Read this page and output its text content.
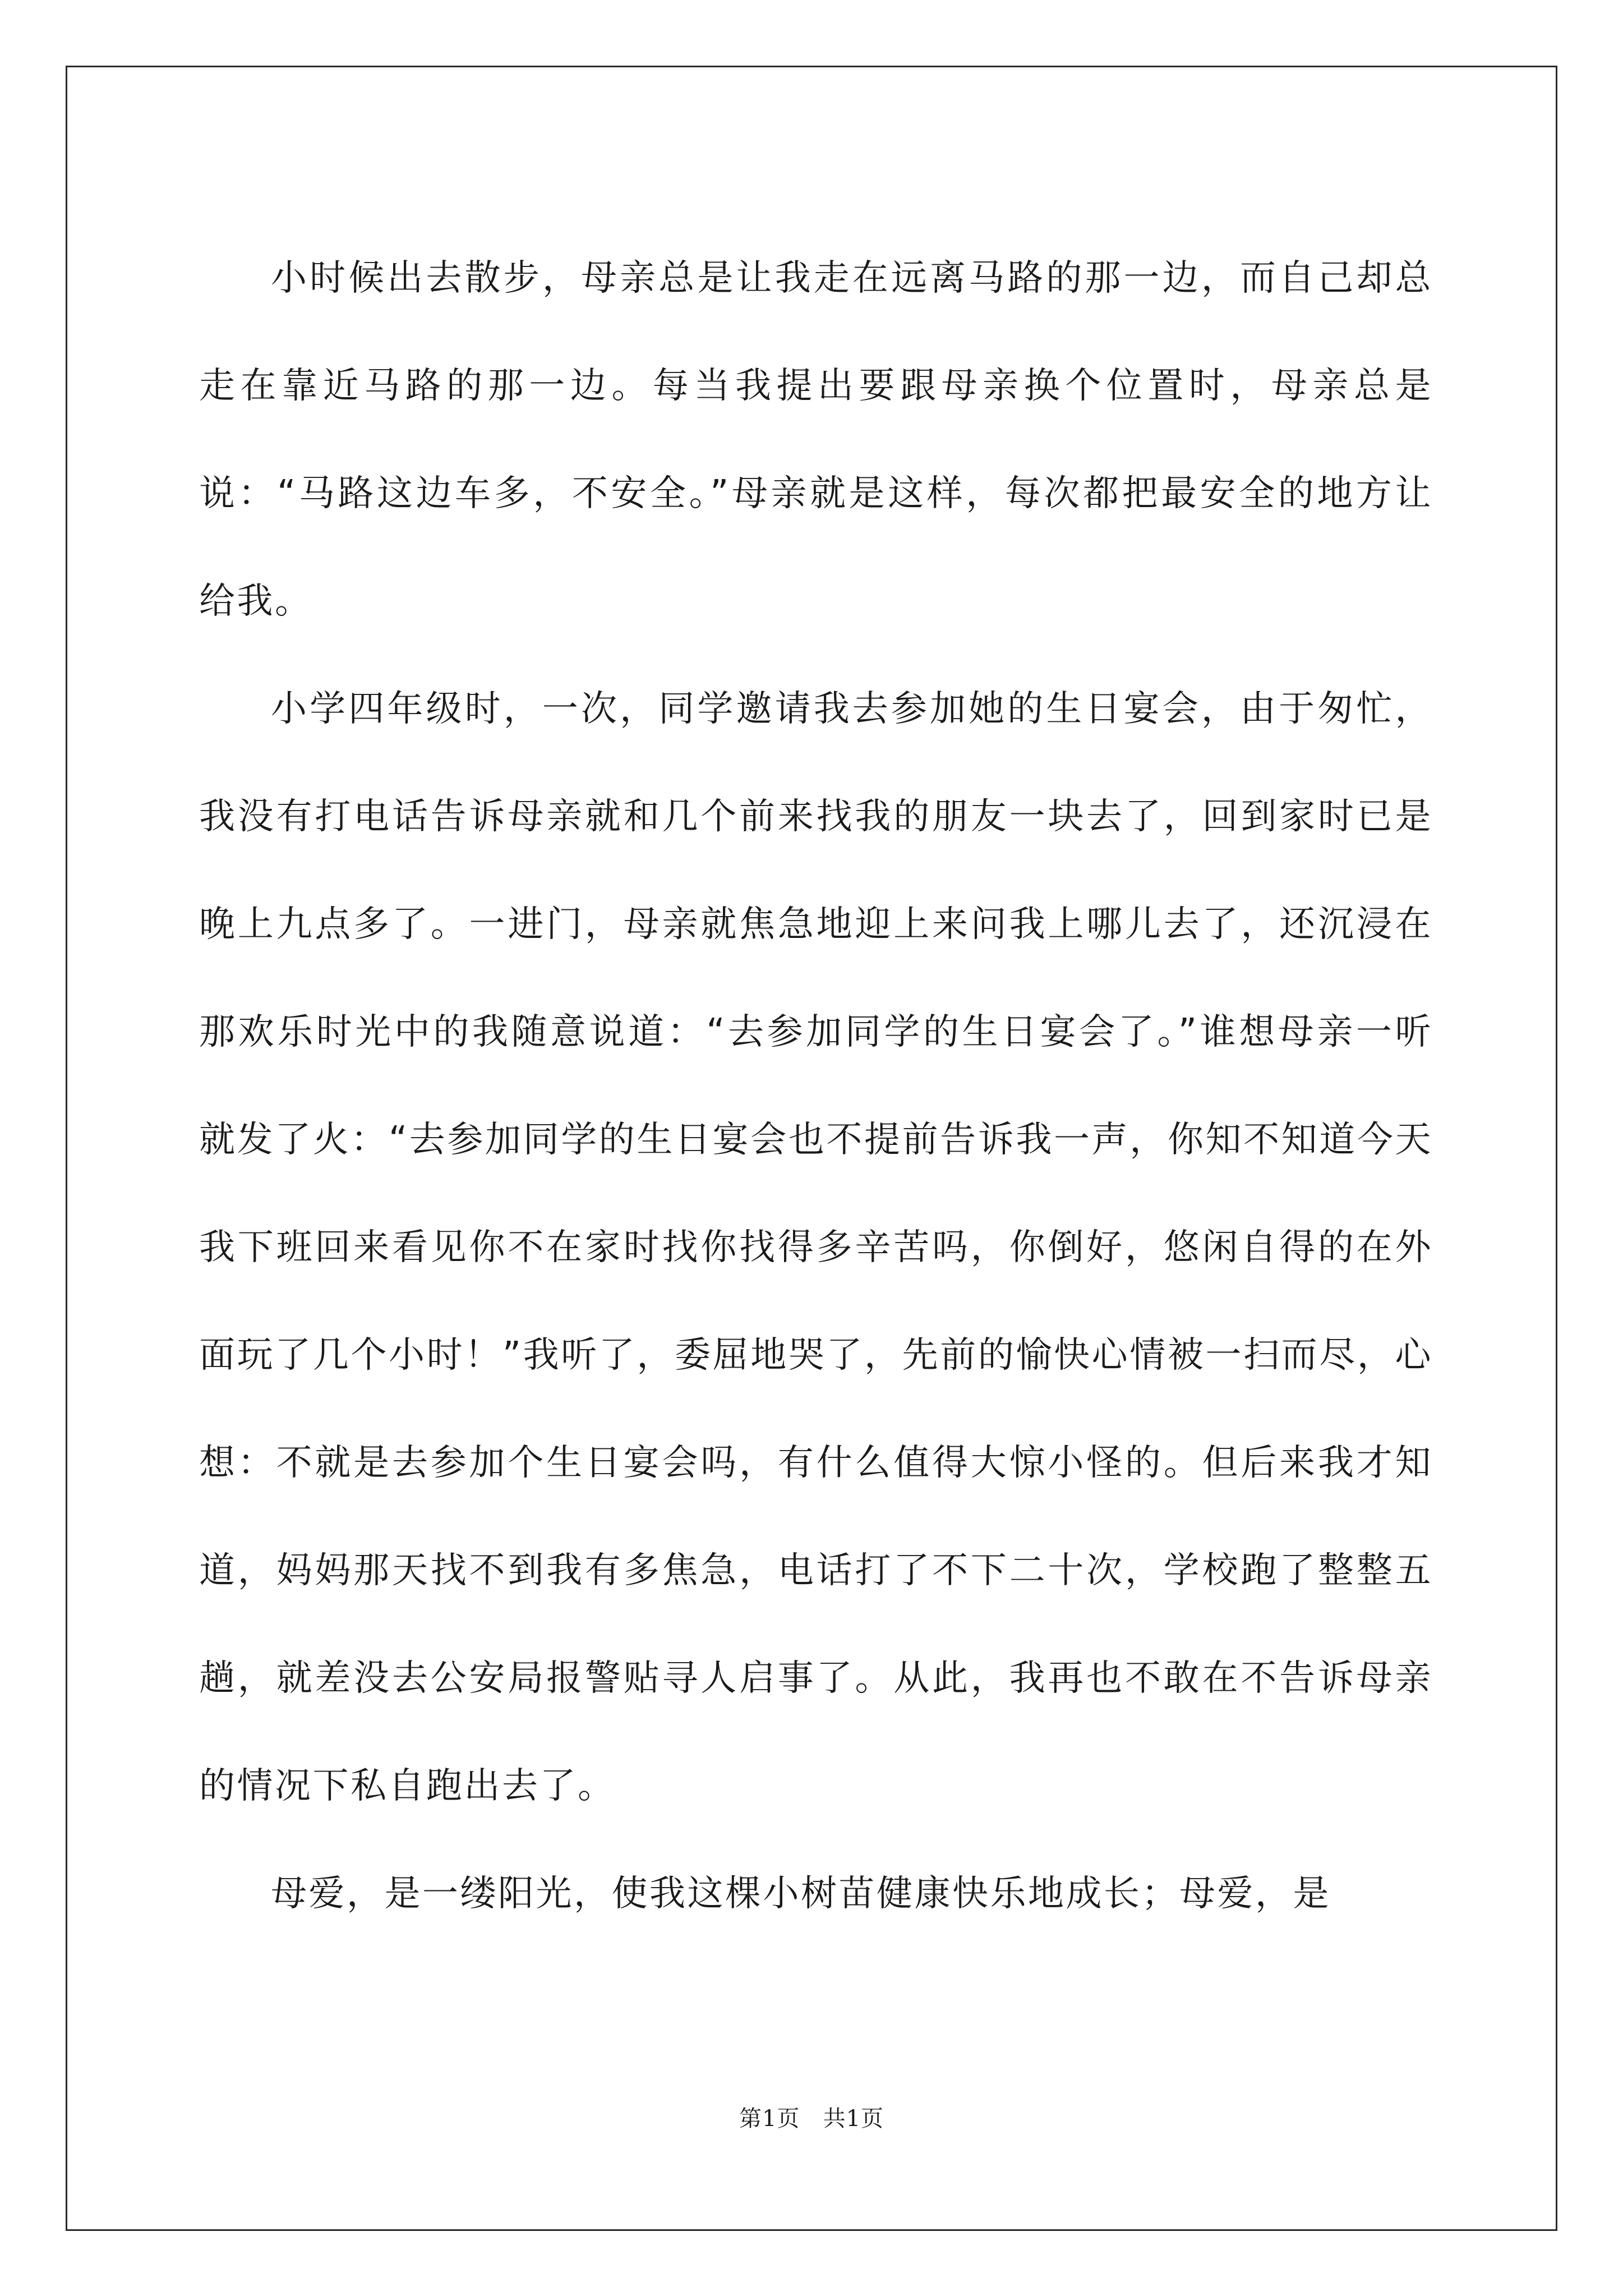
小时候出去散步，母亲总是让我走在远离马路的那一边，而自己却总走在靠近马路的那一边。每当我提出要跟母亲换个位置时，母亲总是说：“马路这边车多，不安全。”母亲就是这样，每次都把最安全的地方让给我。

小学四年级时，一次，同学邀请我去参加她的生日宴会，由于匆忙，我没有打电话告诉母亲就和几个前来找我的朋友一块去了，回到家时已是晚上九点多了。一进门，母亲就焦急地迎上来问我上哪儿去了，还沉浸在那欢乐时光中的我随意说道：“去参加同学的生日宴会了。”谁想母亲一听就发了火：“去参加同学的生日宴会也不提前告诉我一声，你知不知道今天我下班回来看见你不在家时找你找得多辛苦吗，你倒好，悠闲自得的在外面玩了几个小时！”我听了，委屈地哭了，先前的愉快心情被一扫而尽，心想：不就是去参加个生日宴会吗，有什么值得大惊小怪的。但后来我才知道，妈妈那天找不到我有多焦急，电话打了不下二十次，学校跑了整整五趟，就差没去公安局报警贴寻人启事了。从此，我再也不敢在不告诉母亲的情况下私自跑出去了。

母爱，是一缕阳光，使我这棵小树苗健康快乐地成长；母爱，是

第1页 共1页
